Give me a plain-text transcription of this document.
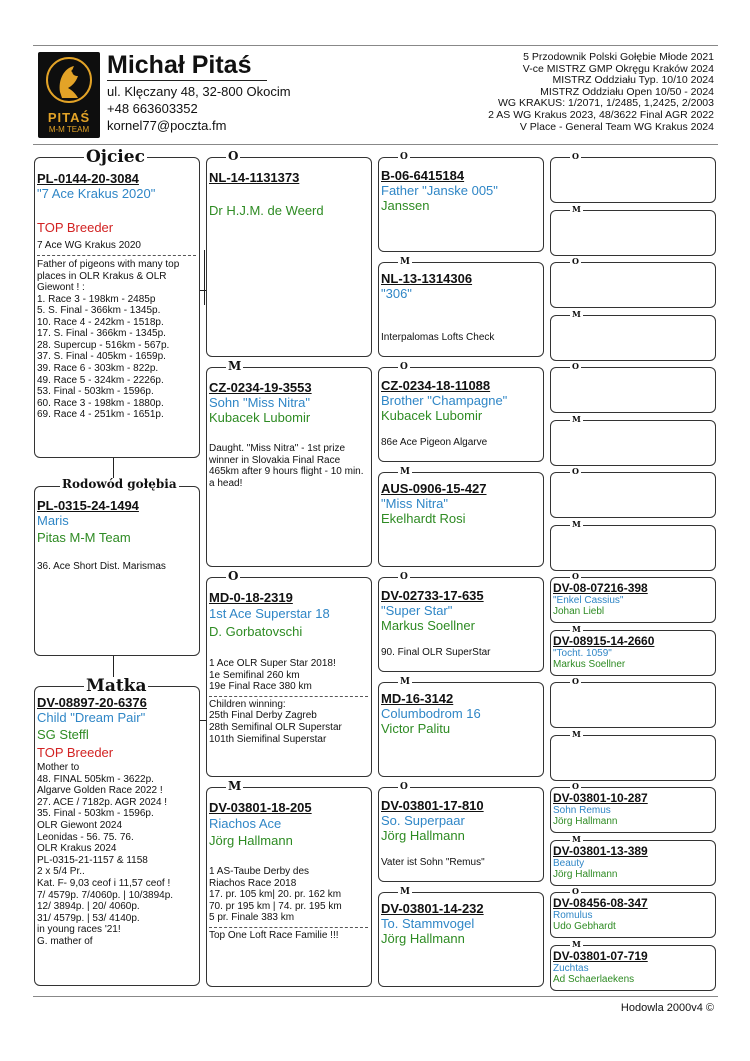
PITAŚ
M-M TEAM
Michał Pitaś
ul. Klęczany 48, 32-800 Okocim
+48 663603352
kornel77@poczta.fm
5 Przodownik Polski Gołębie Młode 2021
V-ce MISTRZ GMP Okręgu Kraków 2024
MISTRZ Oddziału Typ. 10/10 2024
MISTRZ Oddziału Open 10/50 - 2024
WG KRAKUS: 1/2071, 1/2485, 1,2425, 2/2003
2 AS WG Krakus 2023, 48/3622 Final AGR 2022
V Place - General Team WG Krakus 2024
PL-0315-24-1494
Maris
Pitas M-M Team
36. Ace Short Dist. Marismas
Rodowód gołębia
PL-0144-20-3084
"7 Ace Krakus 2020"
TOP Breeder
7 Ace WG Krakus 2020
Father of pigeons with many top places in OLR Krakus & OLR Giewont ! :
1. Race 3 - 198km - 2485p
5. S. Final - 366km - 1345p.
10. Race 4 - 242km - 1518p.
17. S. Final - 366km - 1345p.
28. Supercup - 516km - 567p.
37. S. Final - 405km - 1659p.
39. Race 6 - 303km - 822p.
49. Race 5 - 324km - 2226p.
53. Final - 503km - 1596p.
60. Race 3 - 198km - 1880p.
69. Race 4 - 251km - 1651p.
Ojciec
DV-08897-20-6376
Child "Dream Pair"
SG Steffl
TOP Breeder
Mother to
48. FINAL 505km - 3622p.
Algarve Golden Race 2022 !
27. ACE / 7182p. AGR 2024 !
35. Final - 503km - 1596p.
OLR Giewont 2024
Leonidas - 56. 75. 76.
OLR Krakus 2024
PL-0315-21-1157 & 1158
2 x 5/4 Pr..
Kat. F- 9,03 ceof i 11,57 ceof !
7/ 4579p. 7/4060p. | 10/3894p.
12/ 3894p. | 20/ 4060p.
31/ 4579p. | 53/ 4140p.
in young races '21!
G. mather of
Matka
NL-14-1131373
Dr H.J.M. de Weerd
O
CZ-0234-19-3553
Sohn "Miss Nitra"
Kubacek Lubomir
Daught. "Miss Nitra" - 1st prize winner in Slovakia Final Race 465km after 9 hours flight - 10 min. a head!
M
MD-0-18-2319
1st Ace Superstar 18
D. Gorbatovschi
1 Ace OLR Super Star 2018!
1e Semifinal 260 km
19e Final Race 380 km
Children winning:
25th Final Derby Zagreb
28th Semifinal OLR Superstar
101th Siemifinal Superstar
O
DV-03801-18-205
Riachos Ace
Jörg Hallmann
1 AS-Taube Derby des
Riachos Race 2018
17. pr. 105 km| 20. pr. 162 km
70. pr 195 km | 74. pr. 195 km
5 pr. Finale 383 km
Top One Loft Race Familie !!!
M
B-06-6415184
Father "Janske 005"
Janssen
O
NL-13-1314306
"306"
Interpalomas Lofts Check
M
CZ-0234-18-11088
Brother "Champagne"
Kubacek Lubomir
86e Ace Pigeon Algarve
O
AUS-0906-15-427
"Miss Nitra"
Ekelhardt Rosi
M
DV-02733-17-635
"Super Star"
Markus Soellner
90. Final OLR SuperStar
O
MD-16-3142
Columbodrom 16
Victor Palitu
M
DV-03801-17-810
So. Superpaar
Jörg Hallmann
Vater ist Sohn "Remus"
O
DV-03801-14-232
To. Stammvogel
Jörg Hallmann
M
O
M
O
M
O
M
O
M
DV-08-07216-398
"Enkel Cassius"
Johan Liebl
O
DV-08915-14-2660
"Tocht. 1059"
Markus Soellner
M
O
M
DV-03801-10-287
Sohn Remus
Jörg Hallmann
O
DV-03801-13-389
Beauty
Jörg Hallmann
M
DV-08456-08-347
Romulus
Udo Gebhardt
O
DV-03801-07-719
Zuchtas
Ad Schaerlaekens
M
Hodowla 2000v4 ©
